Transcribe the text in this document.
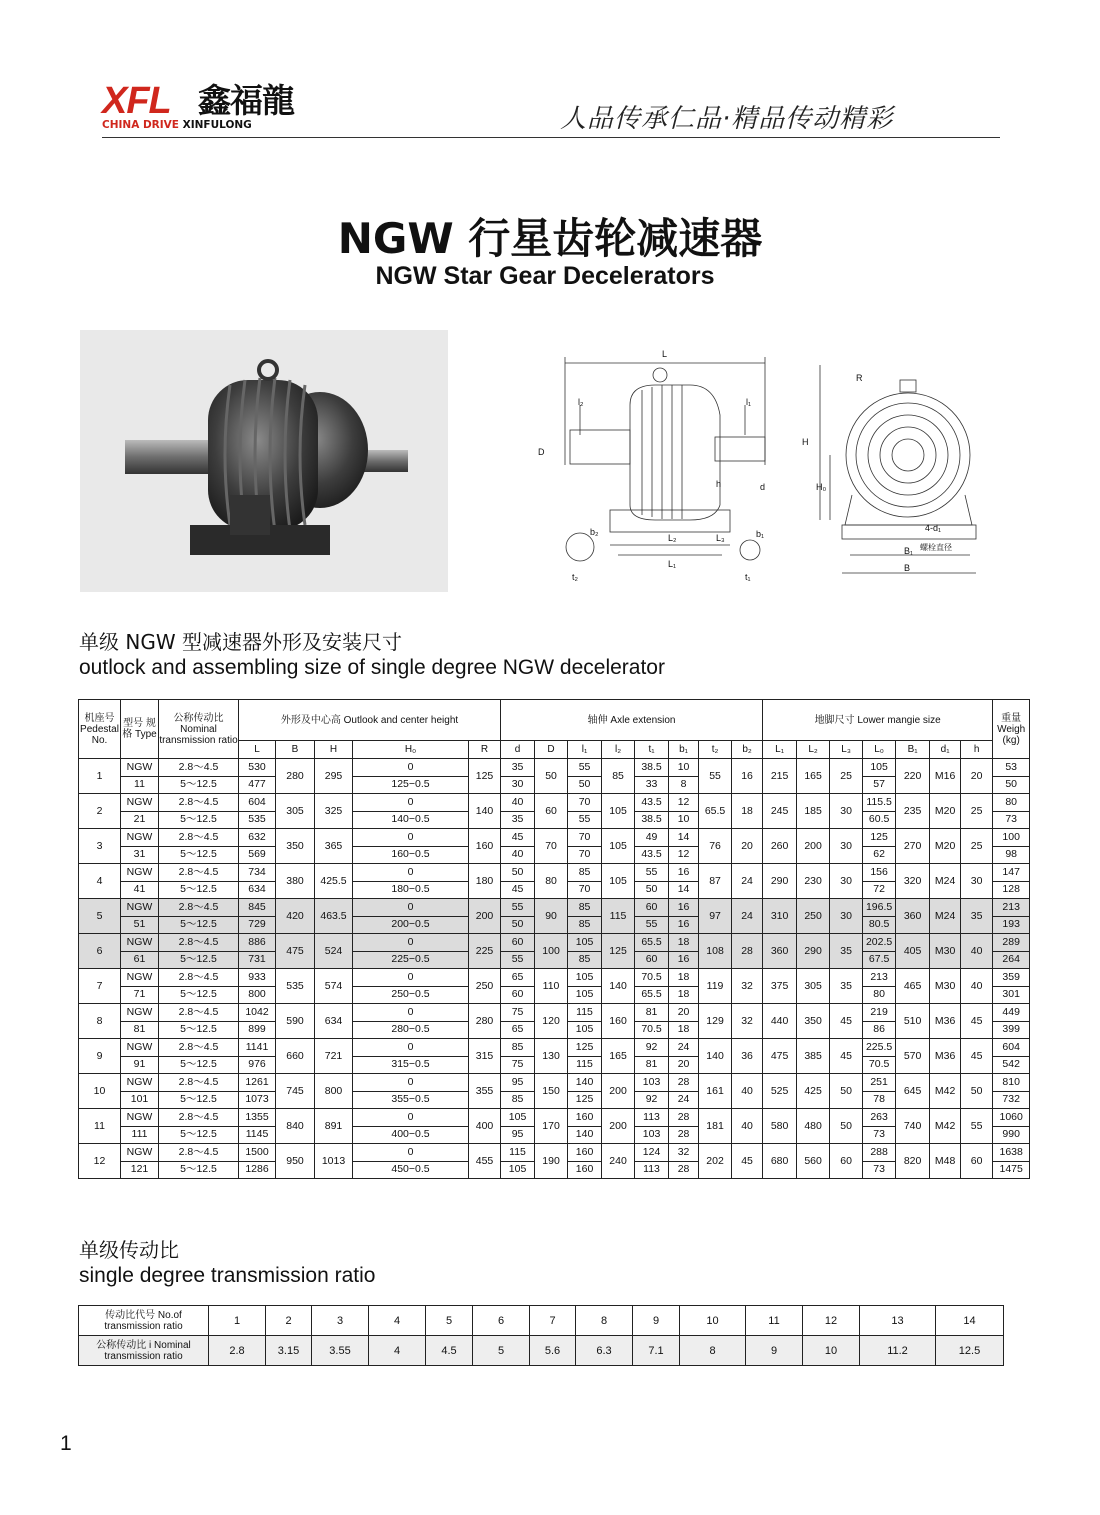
XFL 鑫福龍
CHINA DRIVE XINFULONG	人品传承仁品·精品传动精彩
NGW 行星齿轮减速器
NGW Star Gear Decelerators
L
l₂	l₁
D
d
h
L₂	L₃
L₁
b₂	b₁
t₂	t₁
R
H
H₀
4-d₁
螺栓直径
B₁
B
单级 NGW 型减速器外形及安装尺寸
outlock and assembling size of single degree NGW decelerator
机座号 Pedestal No.	型号 规格 Type	公称传动比 Nominal transmission ratio	外形及中心高 Outlook and center height					轴伸 Axle extension								地脚尺寸 Lower mangie size							重量 Weigh (kg)
			L	B	H	H₀	R	d	D	l₁	l₂	t₁	b₁	t₂	b₂	L₁	L₂	L₃	L₀	B₁	d₁	h	
1	NGW	2.8～4.5	530	280	295	0	125	35	50	55	85	38.5	10	55	16	215	165	25	105	220	M16	20	53
	11	5～12.5	477			125−0.5		30		50		33	8						57				50
2	NGW	2.8～4.5	604	305	325	0	140	40	60	70	105	43.5	12	65.5	18	245	185	30	115.5	235	M20	25	80
	21	5～12.5	535			140−0.5		35		55		38.5	10						60.5				73
3	NGW	2.8～4.5	632	350	365	0	160	45	70	70	105	49	14	76	20	260	200	30	125	270	M20	25	100
	31	5～12.5	569			160−0.5		40		70		43.5	12						62				98
4	NGW	2.8～4.5	734	380	425.5	0	180	50	80	85	105	55	16	87	24	290	230	30	156	320	M24	30	147
	41	5～12.5	634			180−0.5		45		70		50	14						72				128
5	NGW	2.8～4.5	845	420	463.5	0	200	55	90	85	115	60	16	97	24	310	250	30	196.5	360	M24	35	213
	51	5～12.5	729			200−0.5		50		85		55	16						80.5				193
6	NGW	2.8～4.5	886	475	524	0	225	60	100	105	125	65.5	18	108	28	360	290	35	202.5	405	M30	40	289
	61	5～12.5	731			225−0.5		55		85		60	16						67.5				264
7	NGW	2.8～4.5	933	535	574	0	250	65	110	105	140	70.5	18	119	32	375	305	35	213	465	M30	40	359
	71	5～12.5	800			250−0.5		60		105		65.5	18						80				301
8	NGW	2.8～4.5	1042	590	634	0	280	75	120	115	160	81	20	129	32	440	350	45	219	510	M36	45	449
	81	5～12.5	899			280−0.5		65		105		70.5	18						86				399
9	NGW	2.8～4.5	1141	660	721	0	315	85	130	125	165	92	24	140	36	475	385	45	225.5	570	M36	45	604
	91	5～12.5	976			315−0.5		75		115		81	20						70.5				542
10	NGW	2.8～4.5	1261	745	800	0	355	95	150	140	200	103	28	161	40	525	425	50	251	645	M42	50	810
	101	5～12.5	1073			355−0.5		85		125		92	24						78				732
11	NGW	2.8～4.5	1355	840	891	0	400	105	170	160	200	113	28	181	40	580	480	50	263	740	M42	55	1060
	111	5～12.5	1145			400−0.5		95		140		103	28						73				990
12	NGW	2.8～4.5	1500	950	1013	0	455	115	190	160	240	124	32	202	45	680	560	60	288	820	M48	60	1638
	121	5～12.5	1286			450−0.5		105		160		113	28						73				1475
单级传动比
single degree transmission ratio
传动比代号 No.of transmission ratio	1	2	3	4	5	6	7	8	9	10	11	12	13	14
公称传动比 i Nominal transmission ratio	2.8	3.15	3.55	4	4.5	5	5.6	6.3	7.1	8	9	10	11.2	12.5
1
